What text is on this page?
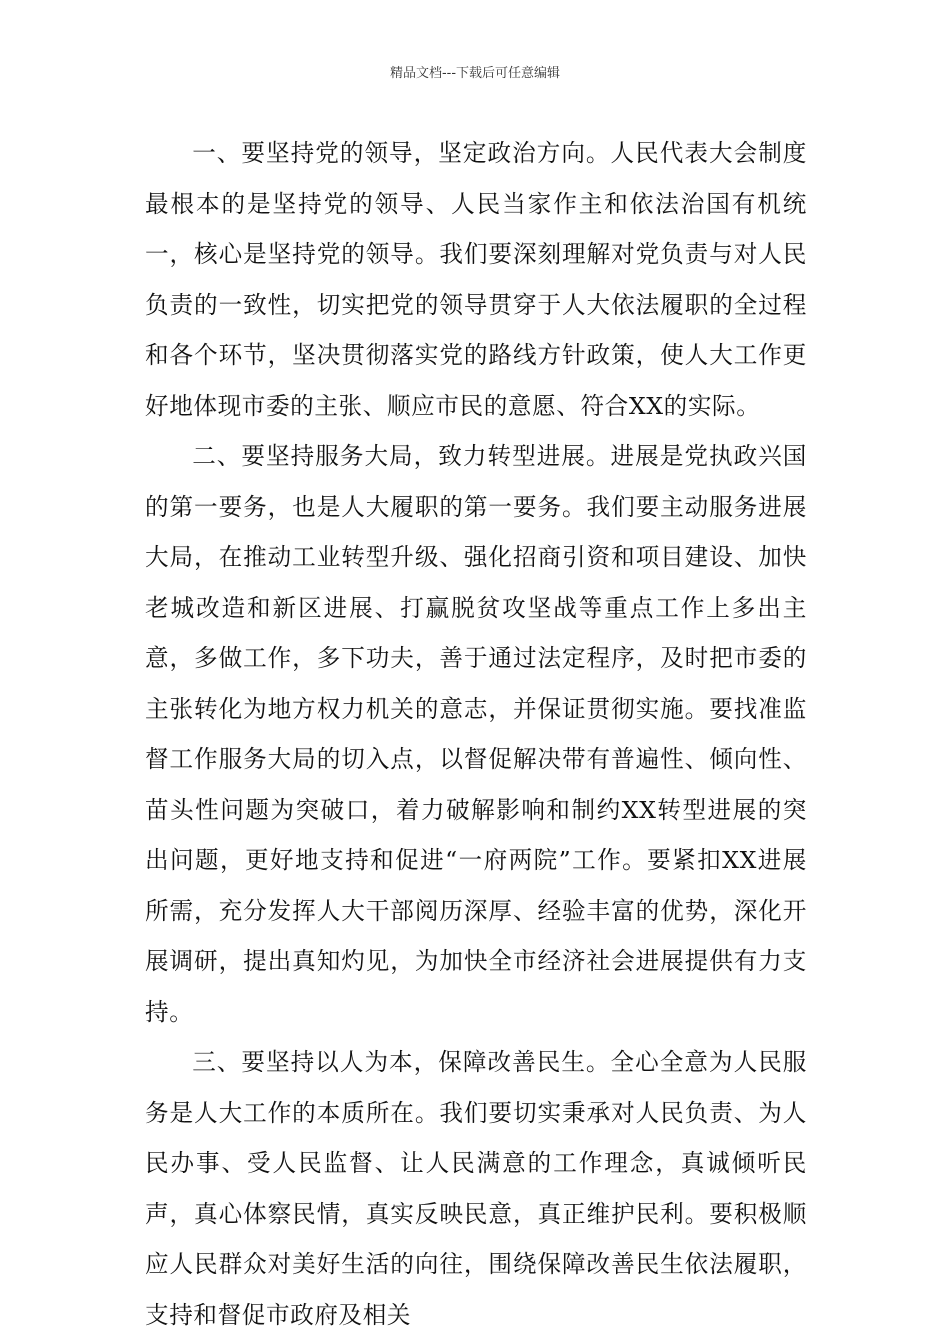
精品文档---下载后可任意编辑

一、要坚持党的领导，坚定政治方向。人民代表大会制度最根本的是坚持党的领导、人民当家作主和依法治国有机统一，核心是坚持党的领导。我们要深刻理解对党负责与对人民负责的一致性，切实把党的领导贯穿于人大依法履职的全过程和各个环节，坚决贯彻落实党的路线方针政策，使人大工作更好地体现市委的主张、顺应市民的意愿、符合XX的实际。

二、要坚持服务大局，致力转型进展。进展是党执政兴国的第一要务，也是人大履职的第一要务。我们要主动服务进展大局，在推动工业转型升级、强化招商引资和项目建设、加快老城改造和新区进展、打赢脱贫攻坚战等重点工作上多出主意，多做工作，多下功夫，善于通过法定程序，及时把市委的主张转化为地方权力机关的意志，并保证贯彻实施。要找准监督工作服务大局的切入点，以督促解决带有普遍性、倾向性、苗头性问题为突破口，着力破解影响和制约XX转型进展的突出问题，更好地支持和促进“一府两院”工作。要紧扣XX进展所需，充分发挥人大干部阅历深厚、经验丰富的优势，深化开展调研，提出真知灼见，为加快全市经济社会进展提供有力支持。

三、要坚持以人为本，保障改善民生。全心全意为人民服务是人大工作的本质所在。我们要切实秉承对人民负责、为人民办事、受人民监督、让人民满意的工作理念，真诚倾听民声，真心体察民情，真实反映民意，真正维护民利。要积极顺应人民群众对美好生活的向往，围绕保障改善民生依法履职，支持和督促市政府及相关
